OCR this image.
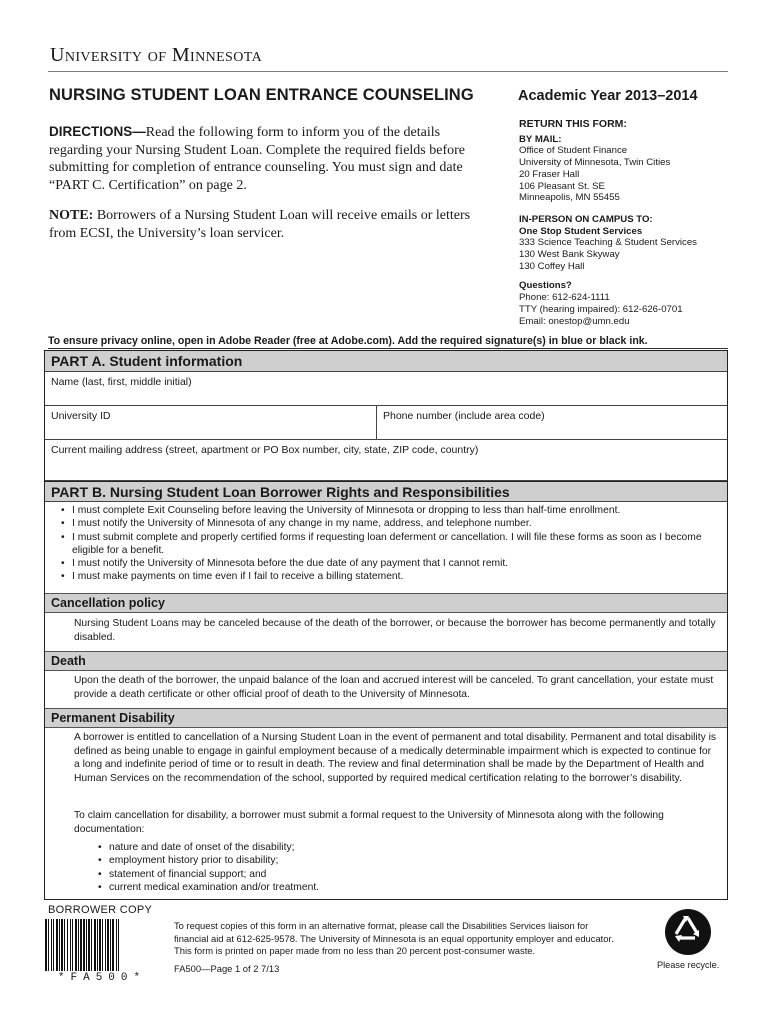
University of Minnesota
NURSING STUDENT LOAN ENTRANCE COUNSELING	Academic Year 2013–2014
DIRECTIONS—Read the following form to inform you of the details regarding your Nursing Student Loan. Complete the required fields before submitting for completion of entrance counseling. You must sign and date “PART C. Certification” on page 2.
NOTE: Borrowers of a Nursing Student Loan will receive emails or letters from ECSI, the University’s loan servicer.
RETURN THIS FORM:
BY MAIL:
Office of Student Finance
University of Minnesota, Twin Cities
20 Fraser Hall
106 Pleasant St. SE
Minneapolis, MN 55455
IN-PERSON ON CAMPUS TO:
One Stop Student Services
333 Science Teaching & Student Services
130 West Bank Skyway
130 Coffey Hall
Questions?
Phone: 612-624-1111
TTY (hearing impaired): 612-626-0701
Email: onestop@umn.edu
To ensure privacy online, open in Adobe Reader (free at Adobe.com). Add the required signature(s) in blue or black ink.
PART A. Student information
Name (last, first, middle initial)
University ID	Phone number (include area code)
Current mailing address (street, apartment or PO Box number, city, state, ZIP code, country)
PART B. Nursing Student Loan Borrower Rights and Responsibilities
• I must complete Exit Counseling before leaving the University of Minnesota or dropping to less than half-time enrollment.
• I must notify the University of Minnesota of any change in my name, address, and telephone number.
• I must submit complete and properly certified forms if requesting loan deferment or cancellation. I will file these forms as soon as I become eligible for a benefit.
• I must notify the University of Minnesota before the due date of any payment that I cannot remit.
• I must make payments on time even if I fail to receive a billing statement.
Cancellation policy
Nursing Student Loans may be canceled because of the death of the borrower, or because the borrower has become permanently and totally disabled.
Death
Upon the death of the borrower, the unpaid balance of the loan and accrued interest will be canceled. To grant cancellation, your estate must provide a death certificate or other official proof of death to the University of Minnesota.
Permanent Disability
A borrower is entitled to cancellation of a Nursing Student Loan in the event of permanent and total disability. Permanent and total disability is defined as being unable to engage in gainful employment because of a medically determinable impairment which is expected to continue for a long and indefinite period of time or to result in death. The review and final determination shall be made by the Department of Health and Human Services on the recommendation of the school, supported by required medical certification relating to the borrower’s disability.
To claim cancellation for disability, a borrower must submit a formal request to the University of Minnesota along with the following documentation:
• nature and date of onset of the disability;
• employment history prior to disability;
• statement of financial support; and
• current medical examination and/or treatment.
BORROWER COPY
*FA500*
To request copies of this form in an alternative format, please call the Disabilities Services liaison for financial aid at 612-625-9578. The University of Minnesota is an equal opportunity employer and educator. This form is printed on paper made from no less than 20 percent post-consumer waste.
FA500—Page 1 of 2 7/13	Please recycle.
